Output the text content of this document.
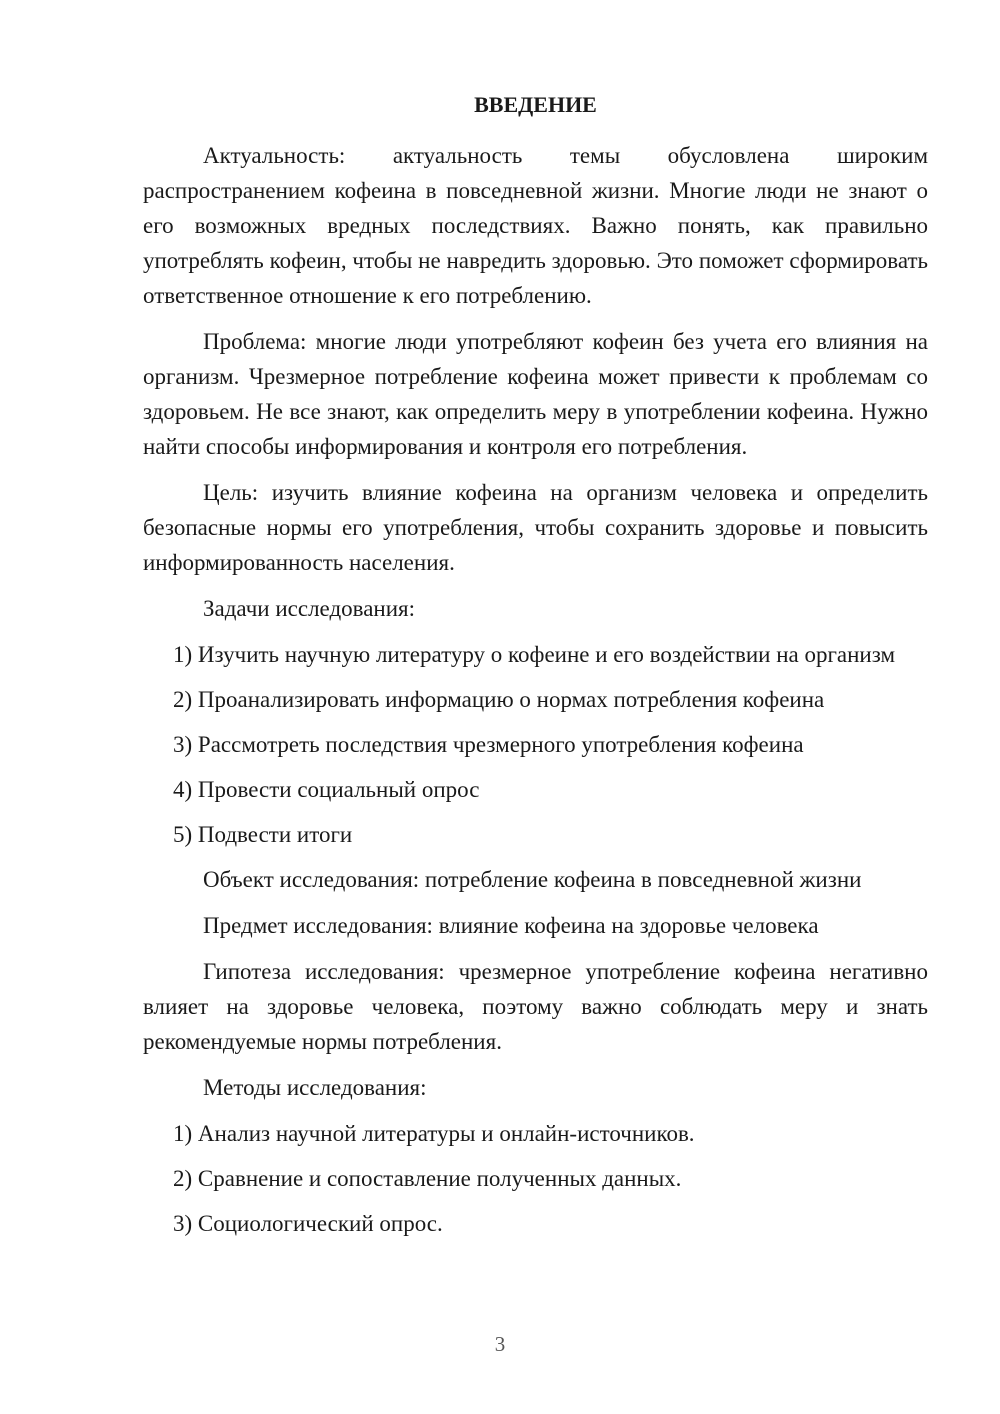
ВВЕДЕНИЕ

Актуальность: актуальность темы обусловлена широким распространением кофеина в повседневной жизни. Многие люди не знают о его возможных вредных последствиях. Важно понять, как правильно употреблять кофеин, чтобы не навредить здоровью. Это поможет сформировать ответственное отношение к его потреблению.

Проблема: многие люди употребляют кофеин без учета его влияния на организм. Чрезмерное потребление кофеина может привести к проблемам со здоровьем. Не все знают, как определить меру в употреблении кофеина. Нужно найти способы информирования и контроля его потребления.

Цель: изучить влияние кофеина на организм человека и определить безопасные нормы его употребления, чтобы сохранить здоровье и повысить информированность населения.

Задачи исследования:

1) Изучить научную литературу о кофеине и его воздействии на организм

2) Проанализировать информацию о нормах потребления кофеина

3) Рассмотреть последствия чрезмерного употребления кофеина

4) Провести социальный опрос

5) Подвести итоги

Объект исследования: потребление кофеина в повседневной жизни

Предмет исследования: влияние кофеина на здоровье человека

Гипотеза исследования: чрезмерное употребление кофеина негативно влияет на здоровье человека, поэтому важно соблюдать меру и знать рекомендуемые нормы потребления.

Методы исследования:

1) Анализ научной литературы и онлайн-источников.

2) Сравнение и сопоставление полученных данных.

3) Социологический опрос.

3
